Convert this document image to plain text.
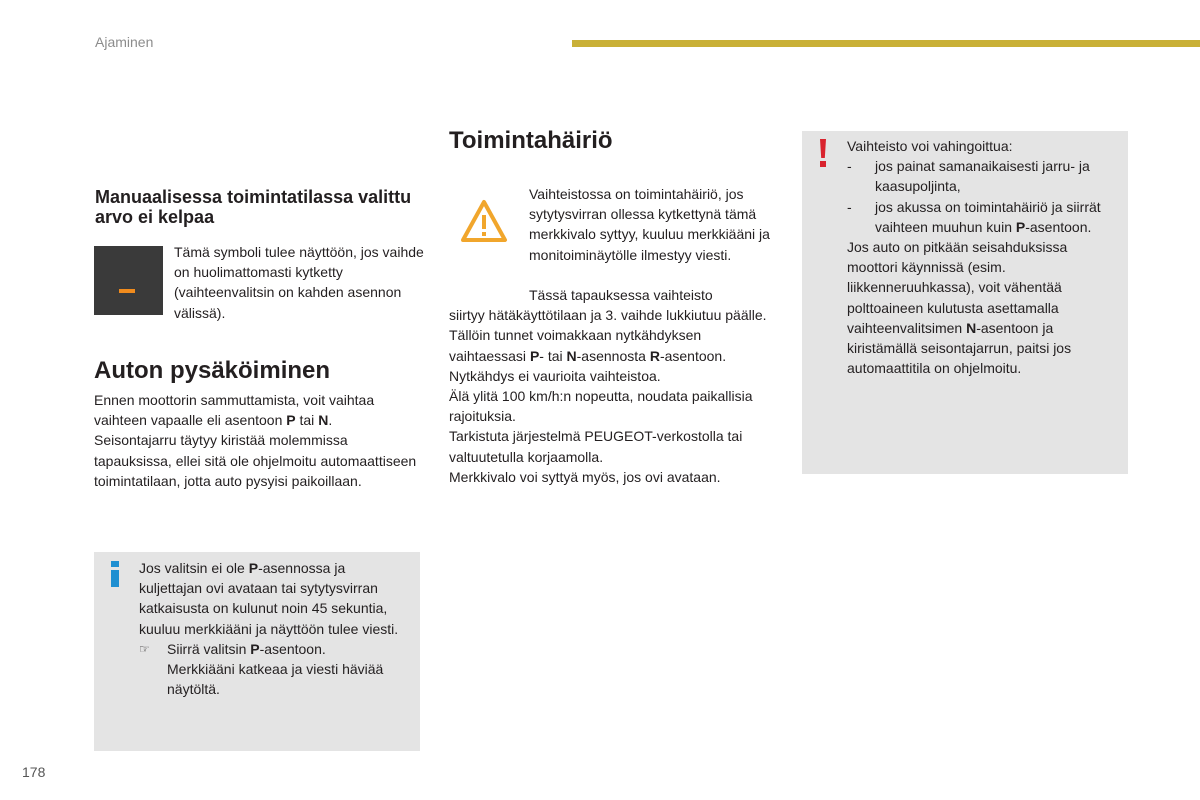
Ajaminen
Manuaalisessa toimintatilassa valittu arvo ei kelpaa
Tämä symboli tulee näyttöön, jos vaihde on huolimattomasti kytketty (vaihteenvalitsin on kahden asennon välissä).
Auton pysäköiminen
Ennen moottorin sammuttamista, voit vaihtaa vaihteen vapaalle eli asentoon P tai N.
Seisontajarru täytyy kiristää molemmissa tapauksissa, ellei sitä ole ohjelmoitu automaattiseen toimintatilaan, jotta auto pysyisi paikoillaan.
Jos valitsin ei ole P-asennossa ja kuljettajan ovi avataan tai sytytysvirran katkaisusta on kulunut noin 45 sekuntia, kuuluu merkkiääni ja näyttöön tulee viesti.
☞ Siirrä valitsin P-asentoon.
Merkkiääni katkeaa ja viesti häviää näytöltä.
Toimintahäiriö
Vaihteistossa on toimintahäiriö, jos sytytysvirran ollessa kytkettynä tämä merkkivalo syttyy, kuuluu merkkiääni ja monitoiminäytölle ilmestyy viesti.
Tässä tapauksessa vaihteisto
siirtyy hätäkäyttötilaan ja 3. vaihde lukkiutuu päälle. Tällöin tunnet voimakkaan nytkähdyksen vaihtaessasi P- tai N-asennosta R-asentoon. Nytkähdys ei vaurioita vaihteistoa.
Älä ylitä 100 km/h:n nopeutta, noudata paikallisia rajoituksia.
Tarkistuta järjestelmä PEUGEOT-verkostolla tai valtuutetulla korjaamolla.
Merkkivalo voi syttyä myös, jos ovi avataan.
Vaihteisto voi vahingoittua:
- jos painat samanaikaisesti jarru- ja kaasupoljinta,
- jos akussa on toimintahäiriö ja siirrät vaihteen muuhun kuin P-asentoon.
Jos auto on pitkään seisahduksissa moottori käynnissä (esim. liikkenneruuhkassa), voit vähentää polttoaineen kulutusta asettamalla vaihteenvalitsimen N-asentoon ja kiristämällä seisontajarrun, paitsi jos automaattitila on ohjelmoitu.
178
